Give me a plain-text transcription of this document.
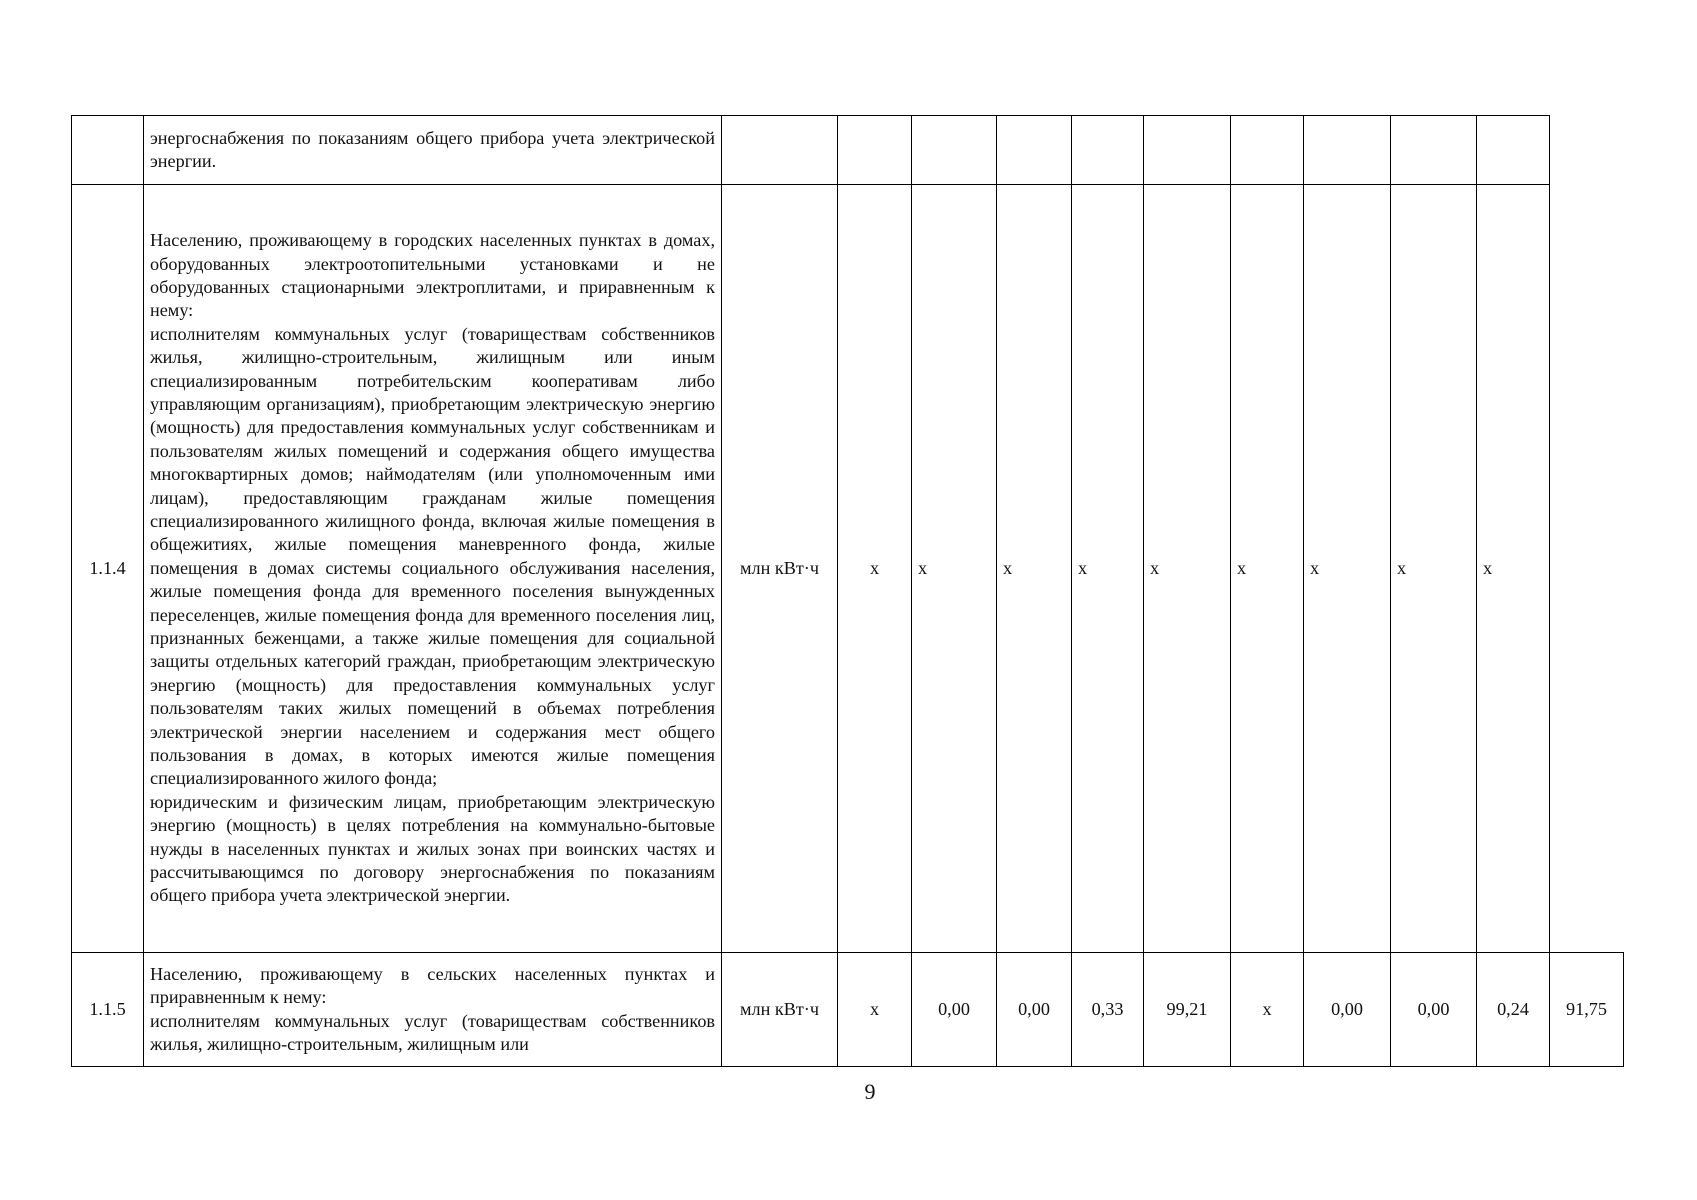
	энергоснабжения по показаниям общего прибора учета электрической энергии.											

1.1.4	Населению, проживающему в городских населенных пунктах в домах, оборудованных электроотопительными установками и не оборудованных стационарными электроплитами, и приравненным к нему:
исполнителям коммунальных услуг (товариществам собственников жилья, жилищно-строительным, жилищным или иным специализированным потребительским кооперативам либо управляющим организациям), приобретающим электрическую энергию (мощность) для предоставления коммунальных услуг собственникам и пользователям жилых помещений и содержания общего имущества многоквартирных домов; наймодателям (или уполномоченным ими лицам), предоставляющим гражданам жилые помещения специализированного жилищного фонда, включая жилые помещения в общежитиях, жилые помещения маневренного фонда, жилые помещения в домах системы социального обслуживания населения, жилые помещения фонда для временного поселения вынужденных переселенцев, жилые помещения фонда для временного поселения лиц, признанных беженцами, а также жилые помещения для социальной защиты отдельных категорий граждан, приобретающим электрическую энергию (мощность) для предоставления коммунальных услуг пользователям таких жилых помещений в объемах потребления электрической энергии населением и содержания мест общего пользования в домах, в которых имеются жилые помещения специализированного жилого фонда;
юридическим и физическим лицам, приобретающим электрическую энергию (мощность) в целях потребления на коммунально-бытовые нужды в населенных пунктах и жилых зонах при воинских частях и рассчитывающимся по договору энергоснабжения по показаниям общего прибора учета электрической энергии.	млн кВт·ч	х	х	х	х	х	х	х	х	х	
1.1.5	Населению, проживающему в сельских населенных пунктах и приравненным к нему:
исполнителям коммунальных услуг (товариществам собственников жилья, жилищно-строительным, жилищным или	млн кВт·ч	х	0,00	0,00	0,33	99,21	х	0,00	0,00	0,24	91,75
9
